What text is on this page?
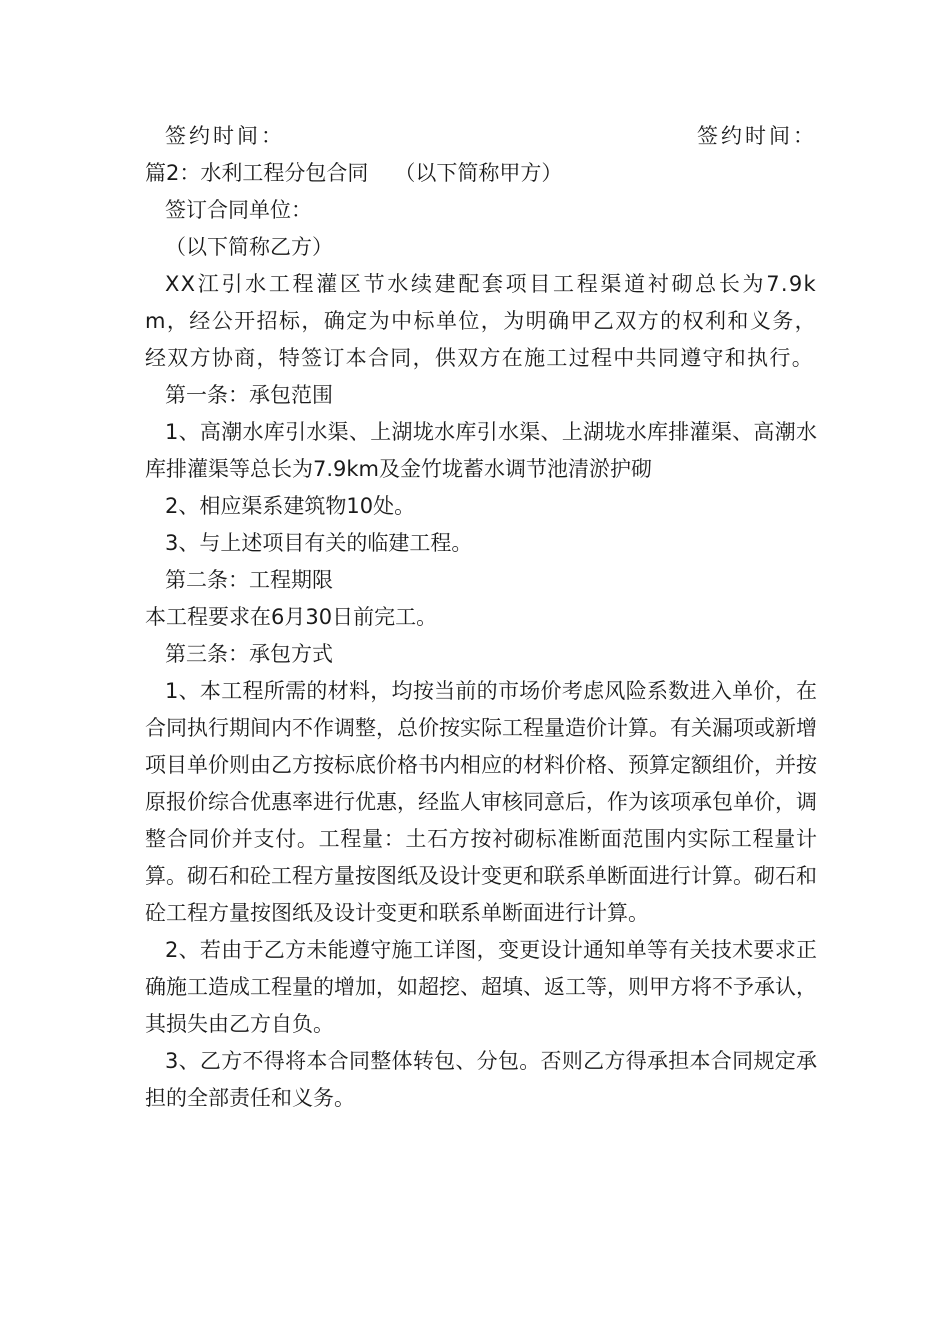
签约时间：	签约时间：

篇2：水利工程分包合同 （以下简称甲方）

签订合同单位：

（以下简称乙方）

XX江引水工程灌区节水续建配套项目工程渠道衬砌总长为7.9km，经公开招标，确定为中标单位，为明确甲乙双方的权利和义务，经双方协商，特签订本合同，供双方在施工过程中共同遵守和执行。

第一条：承包范围

1、高潮水库引水渠、上湖垅水库引水渠、上湖垅水库排灌渠、高潮水库排灌渠等总长为7.9km及金竹垅蓄水调节池清淤护砌

2、相应渠系建筑物10处。

3、与上述项目有关的临建工程。

第二条：工程期限

本工程要求在6月30日前完工。

第三条：承包方式

1、本工程所需的材料，均按当前的市场价考虑风险系数进入单价，在合同执行期间内不作调整，总价按实际工程量造价计算。有关漏项或新增项目单价则由乙方按标底价格书内相应的材料价格、预算定额组价，并按原报价综合优惠率进行优惠，经监人审核同意后，作为该项承包单价，调整合同价并支付。工程量：土石方按衬砌标准断面范围内实际工程量计算。砌石和砼工程方量按图纸及设计变更和联系单断面进行计算。砌石和砼工程方量按图纸及设计变更和联系单断面进行计算。

2、若由于乙方未能遵守施工详图，变更设计通知单等有关技术要求正确施工造成工程量的增加，如超挖、超填、返工等，则甲方将不予承认，其损失由乙方自负。

3、乙方不得将本合同整体转包、分包。否则乙方得承担本合同规定承担的全部责任和义务。
